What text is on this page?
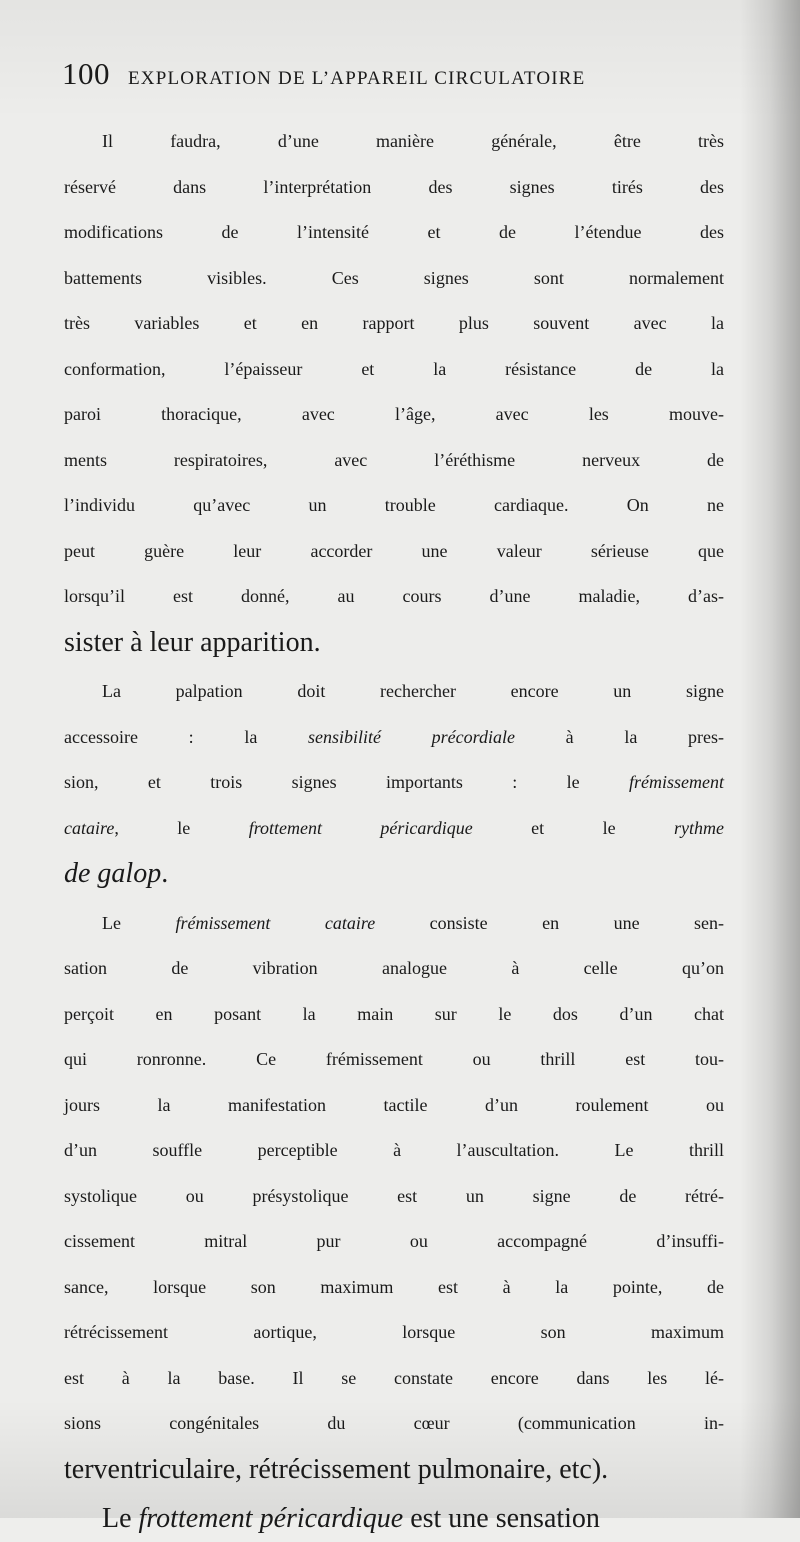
100 EXPLORATION DE L’APPAREIL CIRCULATOIRE
Il faudra, d’une manière générale, être très
réservé dans l’interprétation des signes tirés des
modifications de l’intensité et de l’étendue des
battements visibles. Ces signes sont normalement
très variables et en rapport plus souvent avec la
conformation, l’épaisseur et la résistance de la
paroi thoracique, avec l’âge, avec les mouve-
ments respiratoires, avec l’éréthisme nerveux de
l’individu qu’avec un trouble cardiaque. On ne
peut guère leur accorder une valeur sérieuse que
lorsqu’il est donné, au cours d’une maladie, d’as-
sister à leur apparition.
La palpation doit rechercher encore un signe
accessoire : la sensibilité précordiale à la pres-
sion, et trois signes importants : le frémissement
cataire, le frottement péricardique et le rythme
de galop.
Le frémissement cataire consiste en une sen-
sation de vibration analogue à celle qu’on
perçoit en posant la main sur le dos d’un chat
qui ronronne. Ce frémissement ou thrill est tou-
jours la manifestation tactile d’un roulement ou
d’un souffle perceptible à l’auscultation. Le thrill
systolique ou présystolique est un signe de rétré-
cissement mitral pur ou accompagné d’insuffi-
sance, lorsque son maximum est à la pointe, de
rétrécissement aortique, lorsque son maximum
est à la base. Il se constate encore dans les lé-
sions congénitales du cœur (communication in-
terventriculaire, rétrécissement pulmonaire, etc).
Le frottement péricardique est une sensation
